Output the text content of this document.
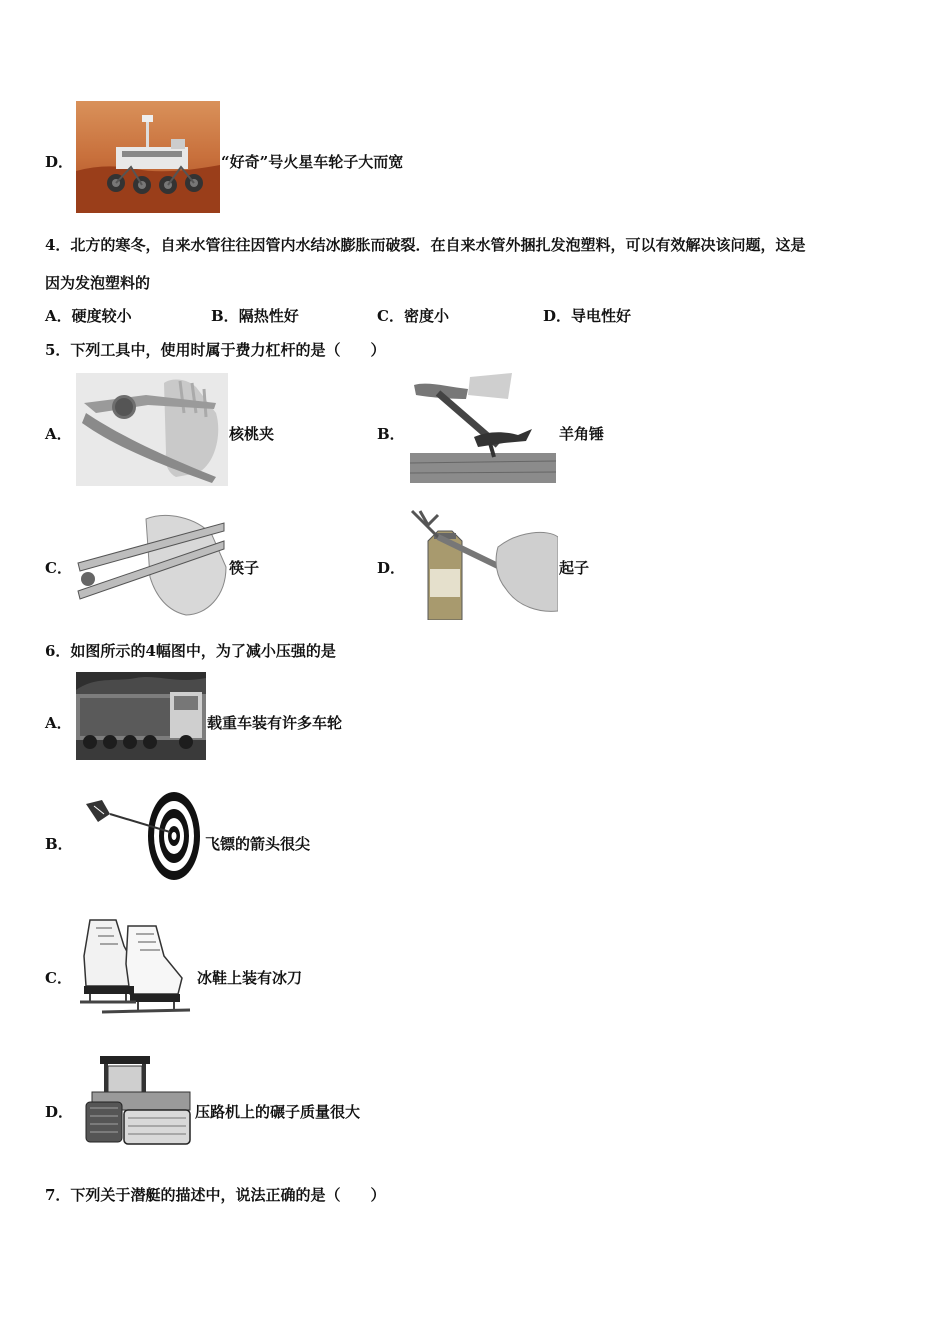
D．	“好奇”号火星车轮子大而宽
4．北方的寒冬，自来水管往往因管内水结冰膨胀而破裂．在自来水管外捆扎发泡塑料，可以有效解决该问题，这是
因为发泡塑料的
A．硬度较小	B．隔热性好	C．密度小	D．导电性好
5．下列工具中，使用时属于费力杠杆的是（　　）
A．	核桃夹	B．	羊角锤
C．	筷子	D．	起子
6．如图所示的4幅图中，为了减小压强的是
A．	载重车装有许多车轮
B．	飞镖的箭头很尖
C．	冰鞋上装有冰刀
D．	压路机上的碾子质量很大
7．下列关于潜艇的描述中，说法正确的是（　　）
